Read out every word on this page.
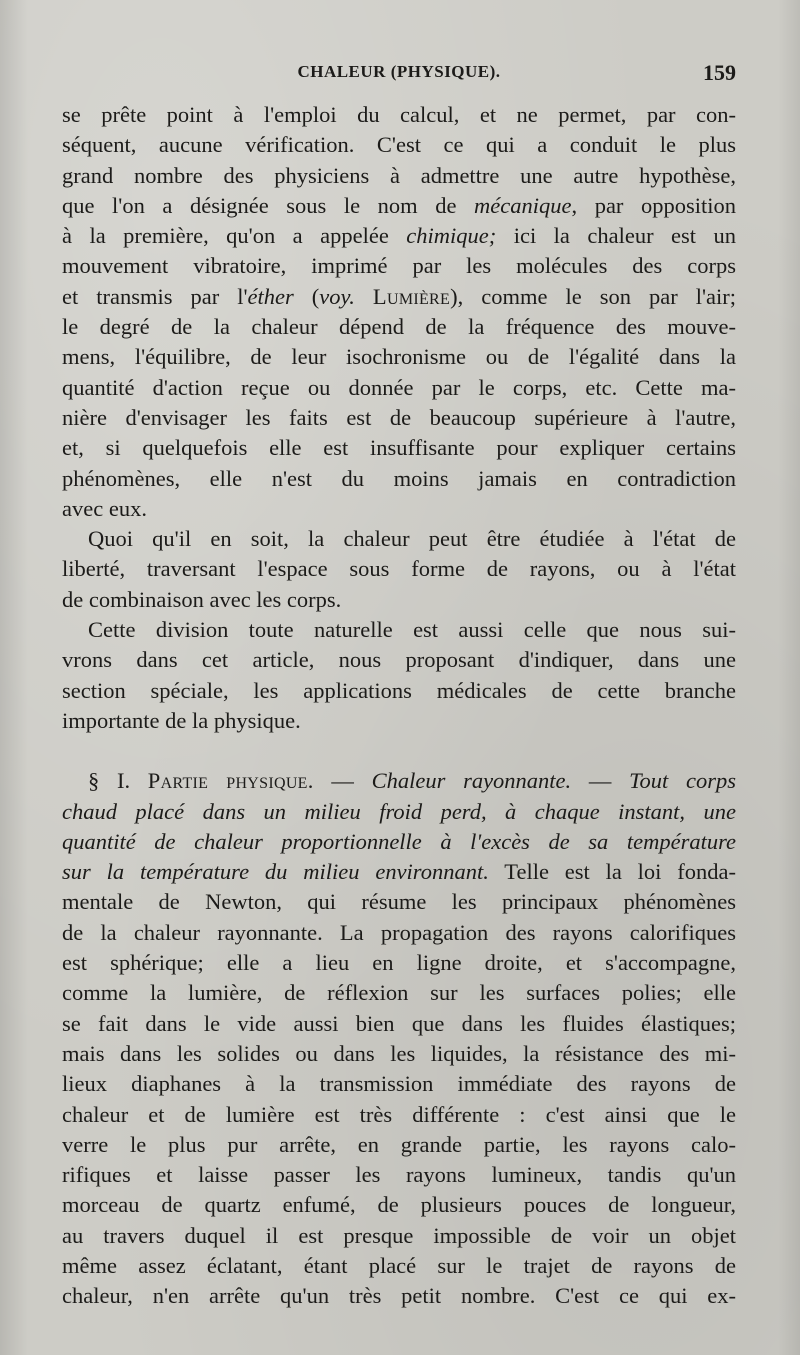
CHALEUR (PHYSIQUE).	159
se prête point à l'emploi du calcul, et ne permet, par con-
séquent, aucune vérification. C'est ce qui a conduit le plus
grand nombre des physiciens à admettre une autre hypothèse,
que l'on a désignée sous le nom de mécanique, par opposition
à la première, qu'on a appelée chimique; ici la chaleur est un
mouvement vibratoire, imprimé par les molécules des corps
et transmis par l'éther (voy. Lumière), comme le son par l'air;
le degré de la chaleur dépend de la fréquence des mouve-
mens, l'équilibre, de leur isochronisme ou de l'égalité dans la
quantité d'action reçue ou donnée par le corps, etc. Cette ma-
nière d'envisager les faits est de beaucoup supérieure à l'autre,
et, si quelquefois elle est insuffisante pour expliquer certains
phénomènes, elle n'est du moins jamais en contradiction
avec eux.
Quoi qu'il en soit, la chaleur peut être étudiée à l'état de
liberté, traversant l'espace sous forme de rayons, ou à l'état
de combinaison avec les corps.
Cette division toute naturelle est aussi celle que nous sui-
vrons dans cet article, nous proposant d'indiquer, dans une
section spéciale, les applications médicales de cette branche
importante de la physique.
§ I. Partie physique. — Chaleur rayonnante. — Tout corps
chaud placé dans un milieu froid perd, à chaque instant, une
quantité de chaleur proportionnelle à l'excès de sa température
sur la température du milieu environnant. Telle est la loi fonda-
mentale de Newton, qui résume les principaux phénomènes
de la chaleur rayonnante. La propagation des rayons calorifiques
est sphérique; elle a lieu en ligne droite, et s'accompagne,
comme la lumière, de réflexion sur les surfaces polies; elle
se fait dans le vide aussi bien que dans les fluides élastiques;
mais dans les solides ou dans les liquides, la résistance des mi-
lieux diaphanes à la transmission immédiate des rayons de
chaleur et de lumière est très différente : c'est ainsi que le
verre le plus pur arrête, en grande partie, les rayons calo-
rifiques et laisse passer les rayons lumineux, tandis qu'un
morceau de quartz enfumé, de plusieurs pouces de longueur,
au travers duquel il est presque impossible de voir un objet
même assez éclatant, étant placé sur le trajet de rayons de
chaleur, n'en arrête qu'un très petit nombre. C'est ce qui ex-
